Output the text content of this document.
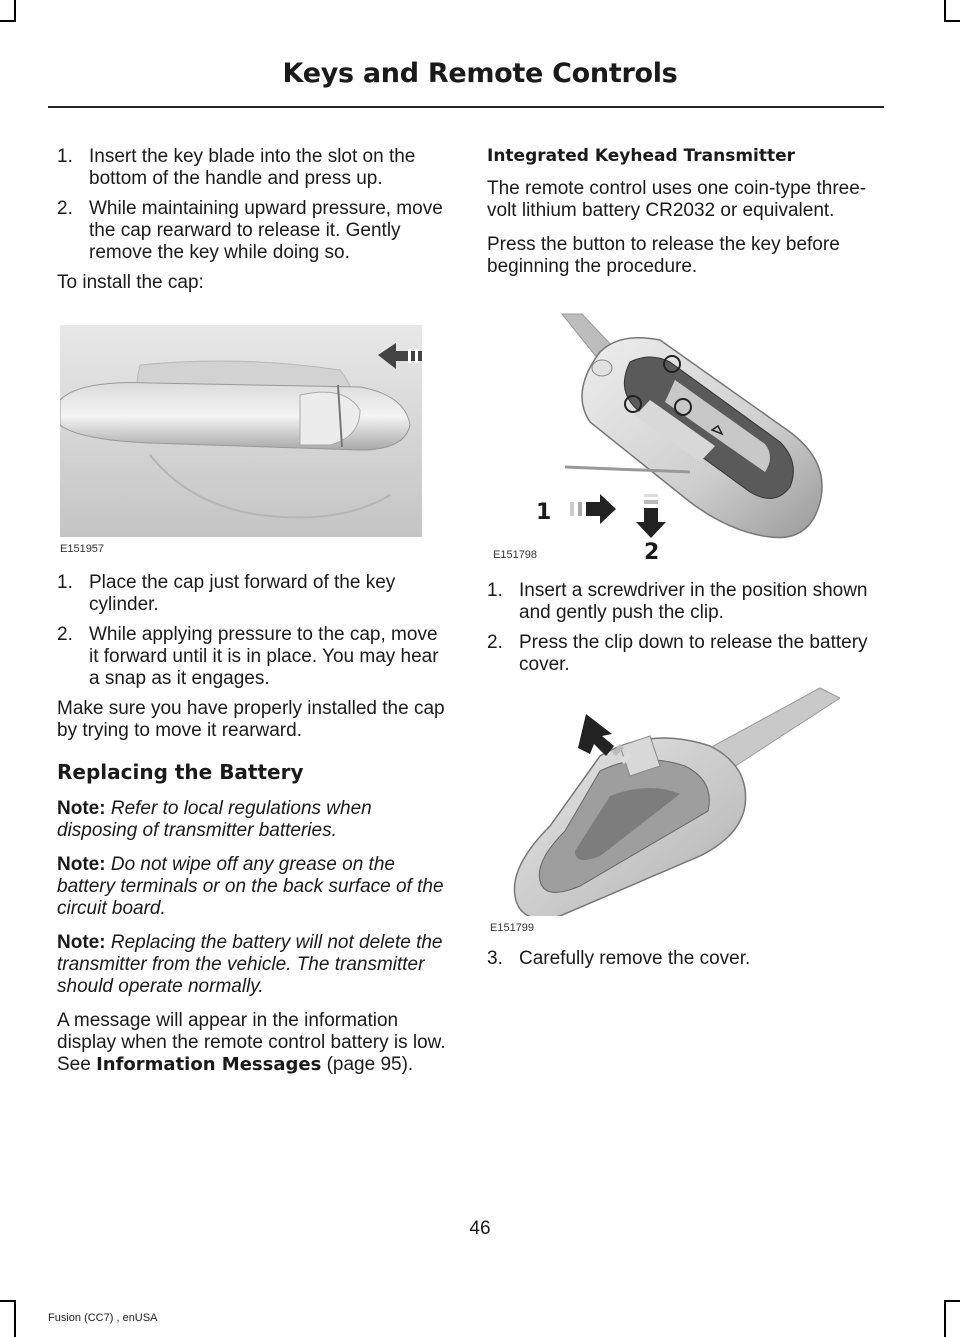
Keys and Remote Controls
1. Insert the key blade into the slot on the bottom of the handle and press up.
2. While maintaining upward pressure, move the cap rearward to release it. Gently remove the key while doing so.

To install the cap:

E151957
1. Place the cap just forward of the key cylinder.
2. While applying pressure to the cap, move it forward until it is in place. You may hear a snap as it engages.

Make sure you have properly installed the cap by trying to move it rearward.

Replacing the Battery

Note: Refer to local regulations when disposing of transmitter batteries.

Note: Do not wipe off any grease on the battery terminals or on the back surface of the circuit board.

Note: Replacing the battery will not delete the transmitter from the vehicle. The transmitter should operate normally.

A message will appear in the information display when the remote control battery is low. See Information Messages (page 95).

Integrated Keyhead Transmitter

The remote control uses one coin-type three-volt lithium battery CR2032 or equivalent.

Press the button to release the key before beginning the procedure.

1
2
E151798
1. Insert a screwdriver in the position shown and gently push the clip.
2. Press the clip down to release the battery cover.
E151799
3. Carefully remove the cover.
46
Fusion (CC7) , enUSA
